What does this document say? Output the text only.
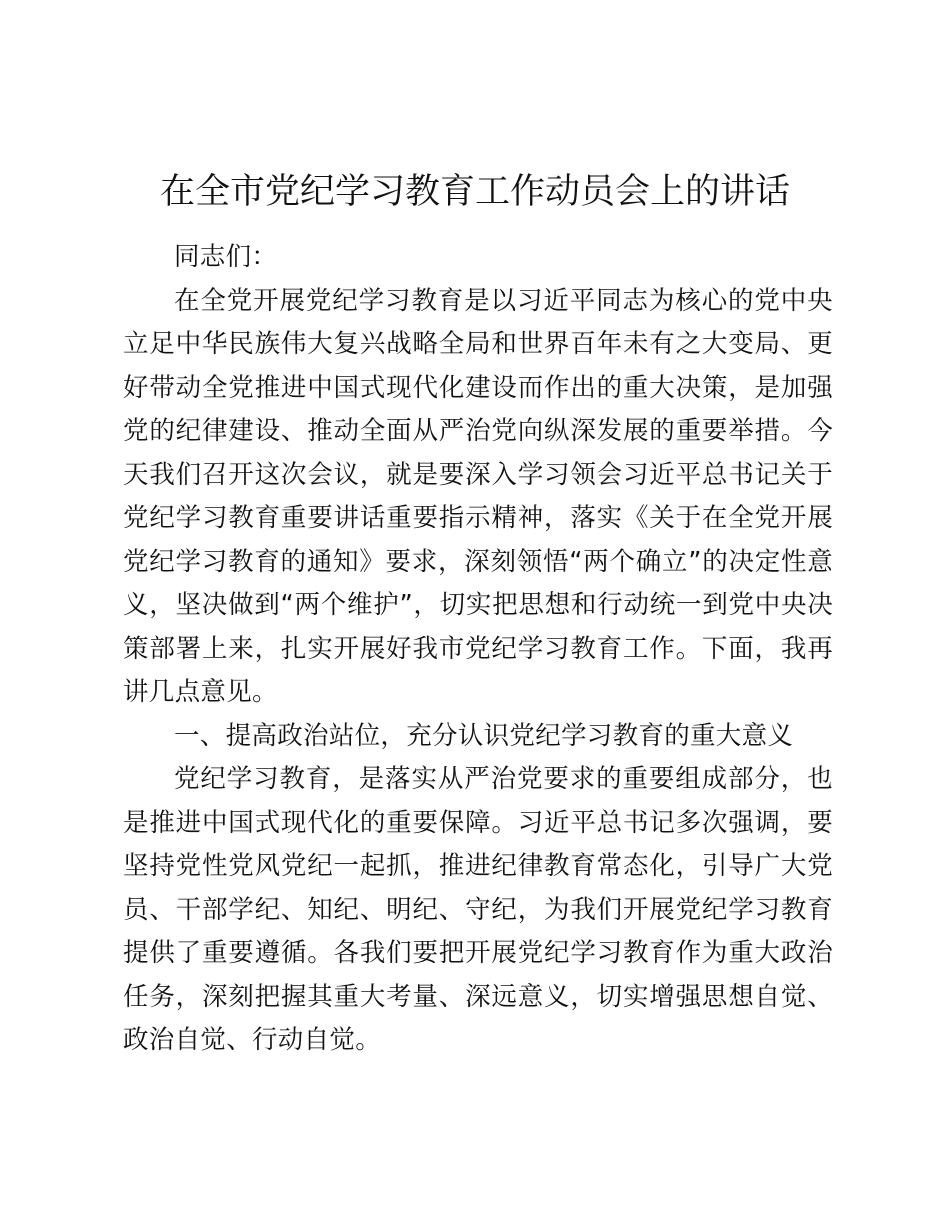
在全市党纪学习教育工作动员会上的讲话

同志们：

在全党开展党纪学习教育是以习近平同志为核心的党中央立足中华民族伟大复兴战略全局和世界百年未有之大变局、更好带动全党推进中国式现代化建设而作出的重大决策，是加强党的纪律建设、推动全面从严治党向纵深发展的重要举措。今天我们召开这次会议，就是要深入学习领会习近平总书记关于党纪学习教育重要讲话重要指示精神，落实《关于在全党开展党纪学习教育的通知》要求，深刻领悟“两个确立”的决定性意义，坚决做到“两个维护”，切实把思想和行动统一到党中央决策部署上来，扎实开展好我市党纪学习教育工作。下面，我再讲几点意见。

一、提高政治站位，充分认识党纪学习教育的重大意义

党纪学习教育，是落实从严治党要求的重要组成部分，也是推进中国式现代化的重要保障。习近平总书记多次强调，要坚持党性党风党纪一起抓，推进纪律教育常态化，引导广大党员、干部学纪、知纪、明纪、守纪，为我们开展党纪学习教育提供了重要遵循。各我们要把开展党纪学习教育作为重大政治任务，深刻把握其重大考量、深远意义，切实增强思想自觉、政治自觉、行动自觉。
